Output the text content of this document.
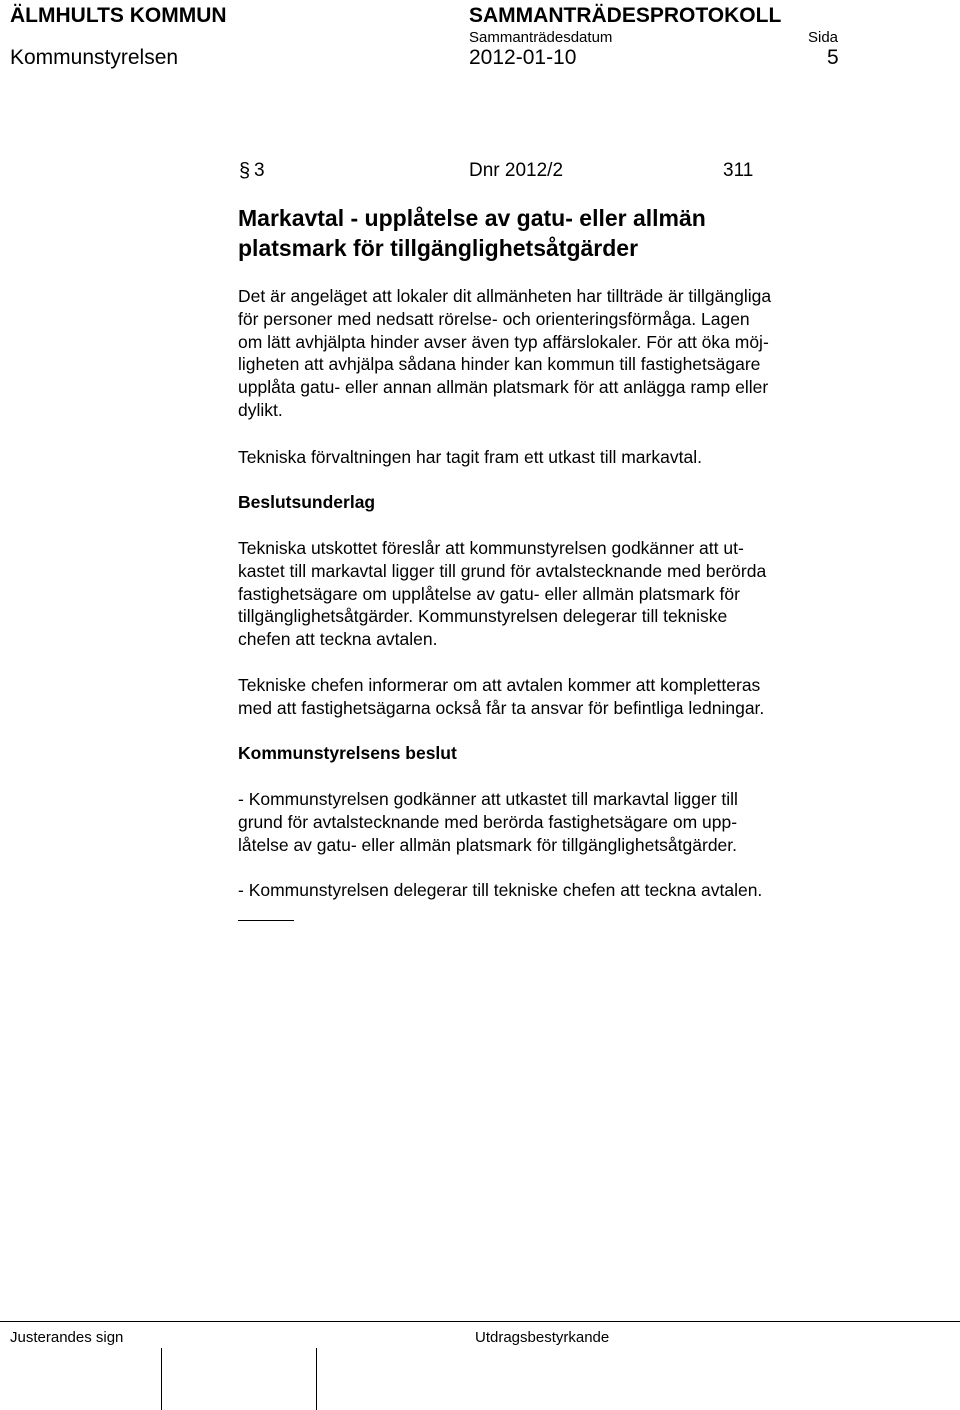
ÄLMHULTS KOMMUN	SAMMANTRÄDESPROTOKOLL
Sammanträdesdatum	Sida
Kommunstyrelsen	2012-01-10	5
§ 3	Dnr 2012/2	311
Markavtal - upplåtelse av gatu- eller allmän
platsmark för tillgänglighetsåtgärder
Det är angeläget att lokaler dit allmänheten har tillträde är tillgängliga
för personer med nedsatt rörelse- och orienteringsförmåga. Lagen
om lätt avhjälpta hinder avser även typ affärslokaler. För att öka möj-
ligheten att avhjälpa sådana hinder kan kommun till fastighetsägare
upplåta gatu- eller annan allmän platsmark för att anlägga ramp eller
dylikt.
Tekniska förvaltningen har tagit fram ett utkast till markavtal.
Beslutsunderlag
Tekniska utskottet föreslår att kommunstyrelsen godkänner att ut-
kastet till markavtal ligger till grund för avtalstecknande med berörda
fastighetsägare om upplåtelse av gatu- eller allmän platsmark för
tillgänglighetsåtgärder. Kommunstyrelsen delegerar till tekniske
chefen att teckna avtalen.
Tekniske chefen informerar om att avtalen kommer att kompletteras
med att fastighetsägarna också får ta ansvar för befintliga ledningar.
Kommunstyrelsens beslut
- Kommunstyrelsen godkänner att utkastet till markavtal ligger till
grund för avtalstecknande med berörda fastighetsägare om upp-
låtelse av gatu- eller allmän platsmark för tillgänglighetsåtgärder.
- Kommunstyrelsen delegerar till tekniske chefen att teckna avtalen.
Justerandes sign	Utdragsbestyrkande
